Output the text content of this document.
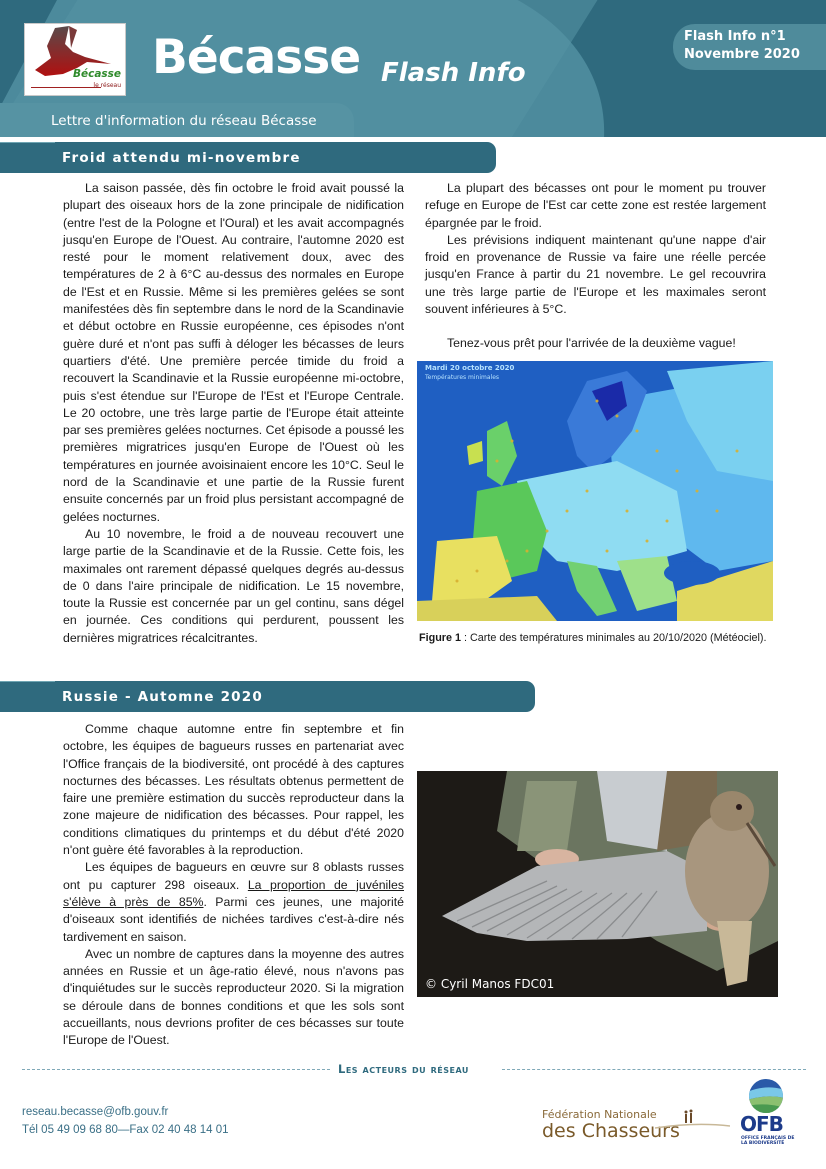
Bécasse
le réseau
Bécasse Flash Info
Flash Info n°1
Novembre 2020
Lettre d'information du réseau Bécasse
Froid attendu mi-novembre

La saison passée, dès fin octobre le froid avait poussé la plupart des oiseaux hors de la zone principale de nidification (entre l'est de la Pologne et l'Oural) et les avait accompagnés jusqu'en Europe de l'Ouest. Au contraire, l'automne 2020 est resté pour le moment relativement doux, avec des températures de 2 à 6°C au-dessus des normales en Europe de l'Est et en Russie. Même si les premières gelées se sont manifestées dès fin septembre dans le nord de la Scandinavie et début octobre en Russie européenne, ces épisodes n'ont guère duré et n'ont pas suffi à déloger les bécasses de leurs quartiers d'été. Une première percée timide du froid a recouvert la Scandinavie et la Russie européenne mi-octobre, puis s'est étendue sur l'Europe de l'Est et l'Europe Centrale. Le 20 octobre, une très large partie de l'Europe était atteinte par ses premières gelées nocturnes. Cet épisode a poussé les premières migratrices jusqu'en Europe de l'Ouest où les températures en journée avoisinaient encore les 10°C. Seul le nord de la Scandinavie et une partie de la Russie furent ensuite concernés par un froid plus persistant accompagné de gelées nocturnes.

Au 10 novembre, le froid a de nouveau recouvert une large partie de la Scandinavie et de la Russie. Cette fois, les maximales ont rarement dépassé quelques degrés au-dessus de 0 dans l'aire principale de nidification. Le 15 novembre, toute la Russie est concernée par un gel continu, sans dégel en journée. Ces conditions qui perdurent, poussent les dernières migratrices récalcitrantes.

La plupart des bécasses ont pour le moment pu trouver refuge en Europe de l'Est car cette zone est restée largement épargnée par le froid.

Les prévisions indiquent maintenant qu'une nappe d'air froid en provenance de Russie va faire une réelle percée jusqu'en France à partir du 21 novembre. Le gel recouvrira une très large partie de l'Europe et les maximales seront souvent inférieures à 5°C.

Tenez-vous prêt pour l'arrivée de la deuxième vague!

Mardi 20 octobre 2020
Températures minimales
Figure 1 : Carte des températures minimales au 20/10/2020 (Météociel).
Russie - Automne 2020

Comme chaque automne entre fin septembre et fin octobre, les équipes de bagueurs russes en partenariat avec l'Office français de la biodiversité, ont procédé à des captures nocturnes des bécasses. Les résultats obtenus permettent de faire une première estimation du succès reproducteur dans la zone majeure de nidification des bécasses. Pour rappel, les conditions climatiques du printemps et du début d'été 2020 n'ont guère été favorables à la reproduction.

Les équipes de bagueurs en œuvre sur 8 oblasts russes ont pu capturer 298 oiseaux. La proportion de juvéniles s'élève à près de 85%. Parmi ces jeunes, une majorité d'oiseaux sont identifiés de nichées tardives c'est-à-dire nés tardivement en saison.

Avec un nombre de captures dans la moyenne des autres années en Russie et un âge-ratio élevé, nous n'avons pas d'inquiétudes sur le succès reproducteur 2020. Si la migration se déroule dans de bonnes conditions et que les sols sont accueillants, nous devrions profiter de ces bécasses sur toute l'Europe de l'Ouest.

© Cyril Manos FDC01
Les acteurs du réseau
reseau.becasse@ofb.gouv.fr
Tél 05 49 09 68 80—Fax 02 40 48 14 01
Fédération Nationale
des Chasseurs	OFB
OFFICE FRANÇAIS DE LA BIODIVERSITÉ
